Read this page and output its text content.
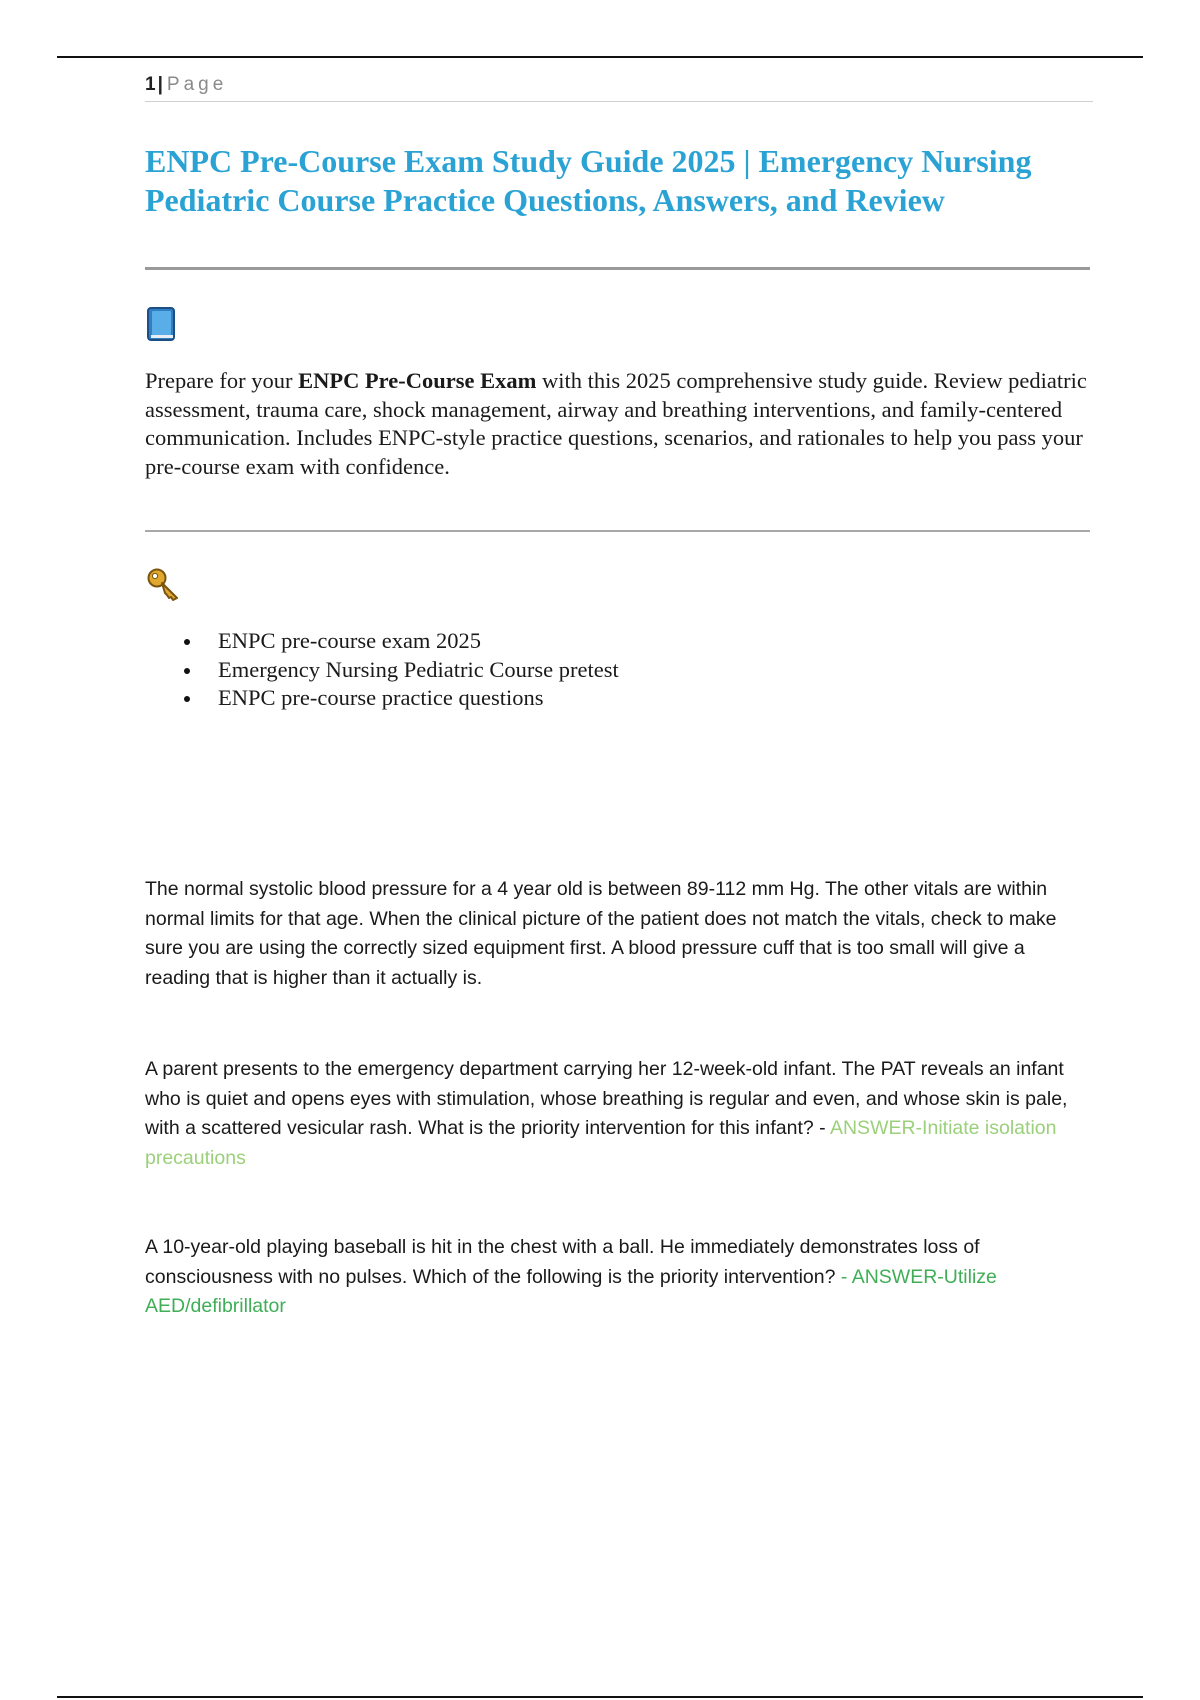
1 | Page
ENPC Pre-Course Exam Study Guide 2025 | Emergency Nursing Pediatric Course Practice Questions, Answers, and Review

Prepare for your ENPC Pre-Course Exam with this 2025 comprehensive study guide. Review pediatric assessment, trauma care, shock management, airway and breathing interventions, and family-centered communication. Includes ENPC-style practice questions, scenarios, and rationales to help you pass your pre-course exam with confidence.

ENPC pre-course exam 2025
Emergency Nursing Pediatric Course pretest
ENPC pre-course practice questions

The normal systolic blood pressure for a 4 year old is between 89-112 mm Hg. The other vitals are within normal limits for that age. When the clinical picture of the patient does not match the vitals, check to make sure you are using the correctly sized equipment first. A blood pressure cuff that is too small will give a reading that is higher than it actually is.

A parent presents to the emergency department carrying her 12-week-old infant. The PAT reveals an infant who is quiet and opens eyes with stimulation, whose breathing is regular and even, and whose skin is pale, with a scattered vesicular rash. What is the priority intervention for this infant? - ANSWER-Initiate isolation precautions

A 10-year-old playing baseball is hit in the chest with a ball. He immediately demonstrates loss of consciousness with no pulses. Which of the following is the priority intervention? - ANSWER-Utilize AED/defibrillator
